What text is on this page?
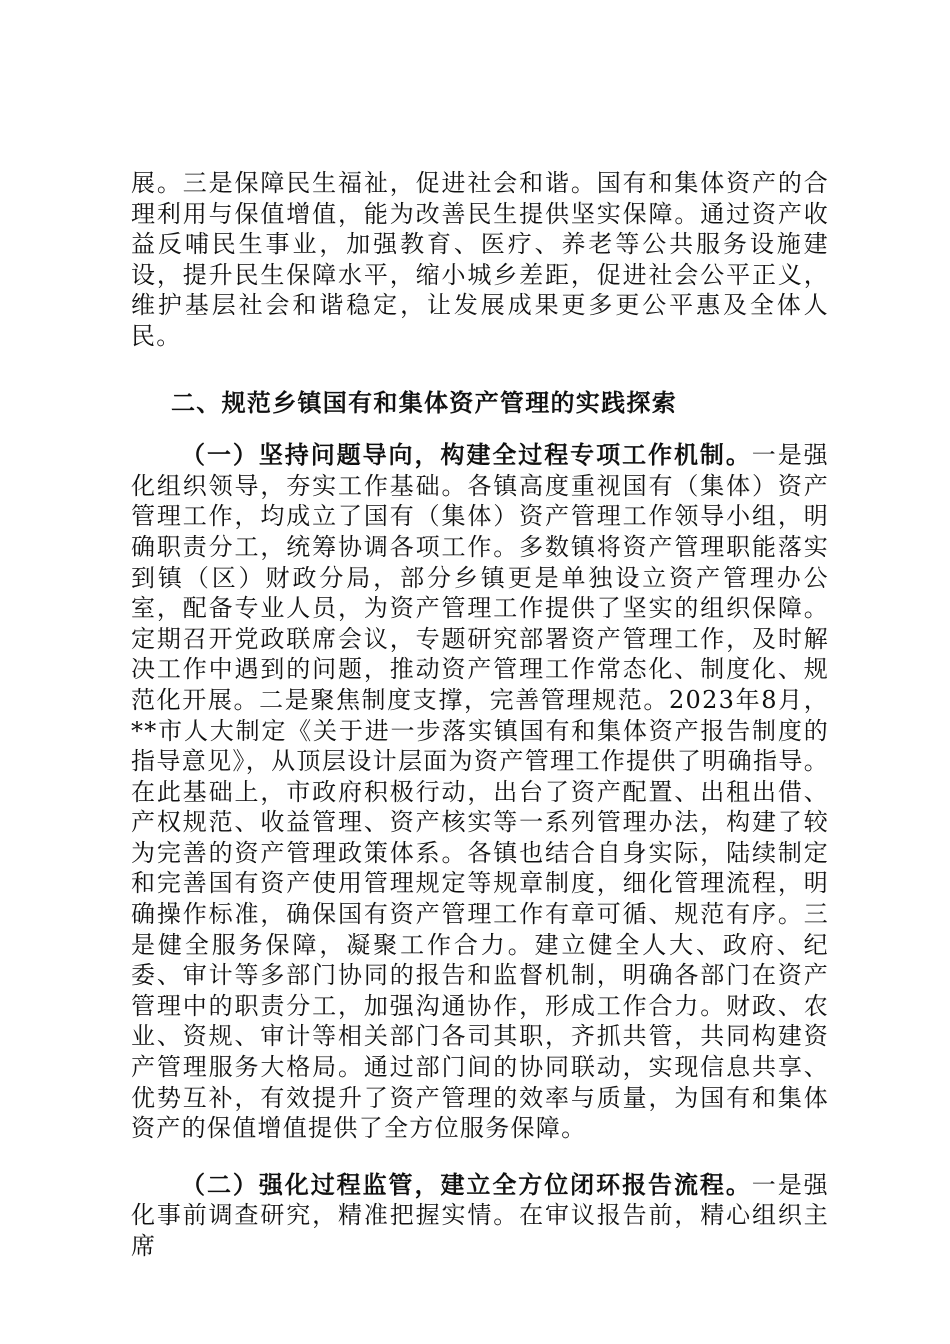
展。三是保障民生福祉，促进社会和谐。国有和集体资产的合理利用与保值增值，能为改善民生提供坚实保障。通过资产收益反哺民生事业，加强教育、医疗、养老等公共服务设施建设，提升民生保障水平，缩小城乡差距，促进社会公平正义，维护基层社会和谐稳定，让发展成果更多更公平惠及全体人民。

二、规范乡镇国有和集体资产管理的实践探索

（一）坚持问题导向，构建全过程专项工作机制。一是强化组织领导，夯实工作基础。各镇高度重视国有（集体）资产管理工作，均成立了国有（集体）资产管理工作领导小组，明确职责分工，统筹协调各项工作。多数镇将资产管理职能落实到镇（区）财政分局，部分乡镇更是单独设立资产管理办公室，配备专业人员，为资产管理工作提供了坚实的组织保障。定期召开党政联席会议，专题研究部署资产管理工作，及时解决工作中遇到的问题，推动资产管理工作常态化、制度化、规范化开展。二是聚焦制度支撑，完善管理规范。2023年8月，**市人大制定《关于进一步落实镇国有和集体资产报告制度的指导意见》，从顶层设计层面为资产管理工作提供了明确指导。在此基础上，市政府积极行动，出台了资产配置、出租出借、产权规范、收益管理、资产核实等一系列管理办法，构建了较为完善的资产管理政策体系。各镇也结合自身实际，陆续制定和完善国有资产使用管理规定等规章制度，细化管理流程，明确操作标准，确保国有资产管理工作有章可循、规范有序。三是健全服务保障，凝聚工作合力。建立健全人大、政府、纪委、审计等多部门协同的报告和监督机制，明确各部门在资产管理中的职责分工，加强沟通协作，形成工作合力。财政、农业、资规、审计等相关部门各司其职，齐抓共管，共同构建资产管理服务大格局。通过部门间的协同联动，实现信息共享、优势互补，有效提升了资产管理的效率与质量，为国有和集体资产的保值增值提供了全方位服务保障。

（二）强化过程监管，建立全方位闭环报告流程。一是强化事前调查研究，精准把握实情。在审议报告前，精心组织主席
